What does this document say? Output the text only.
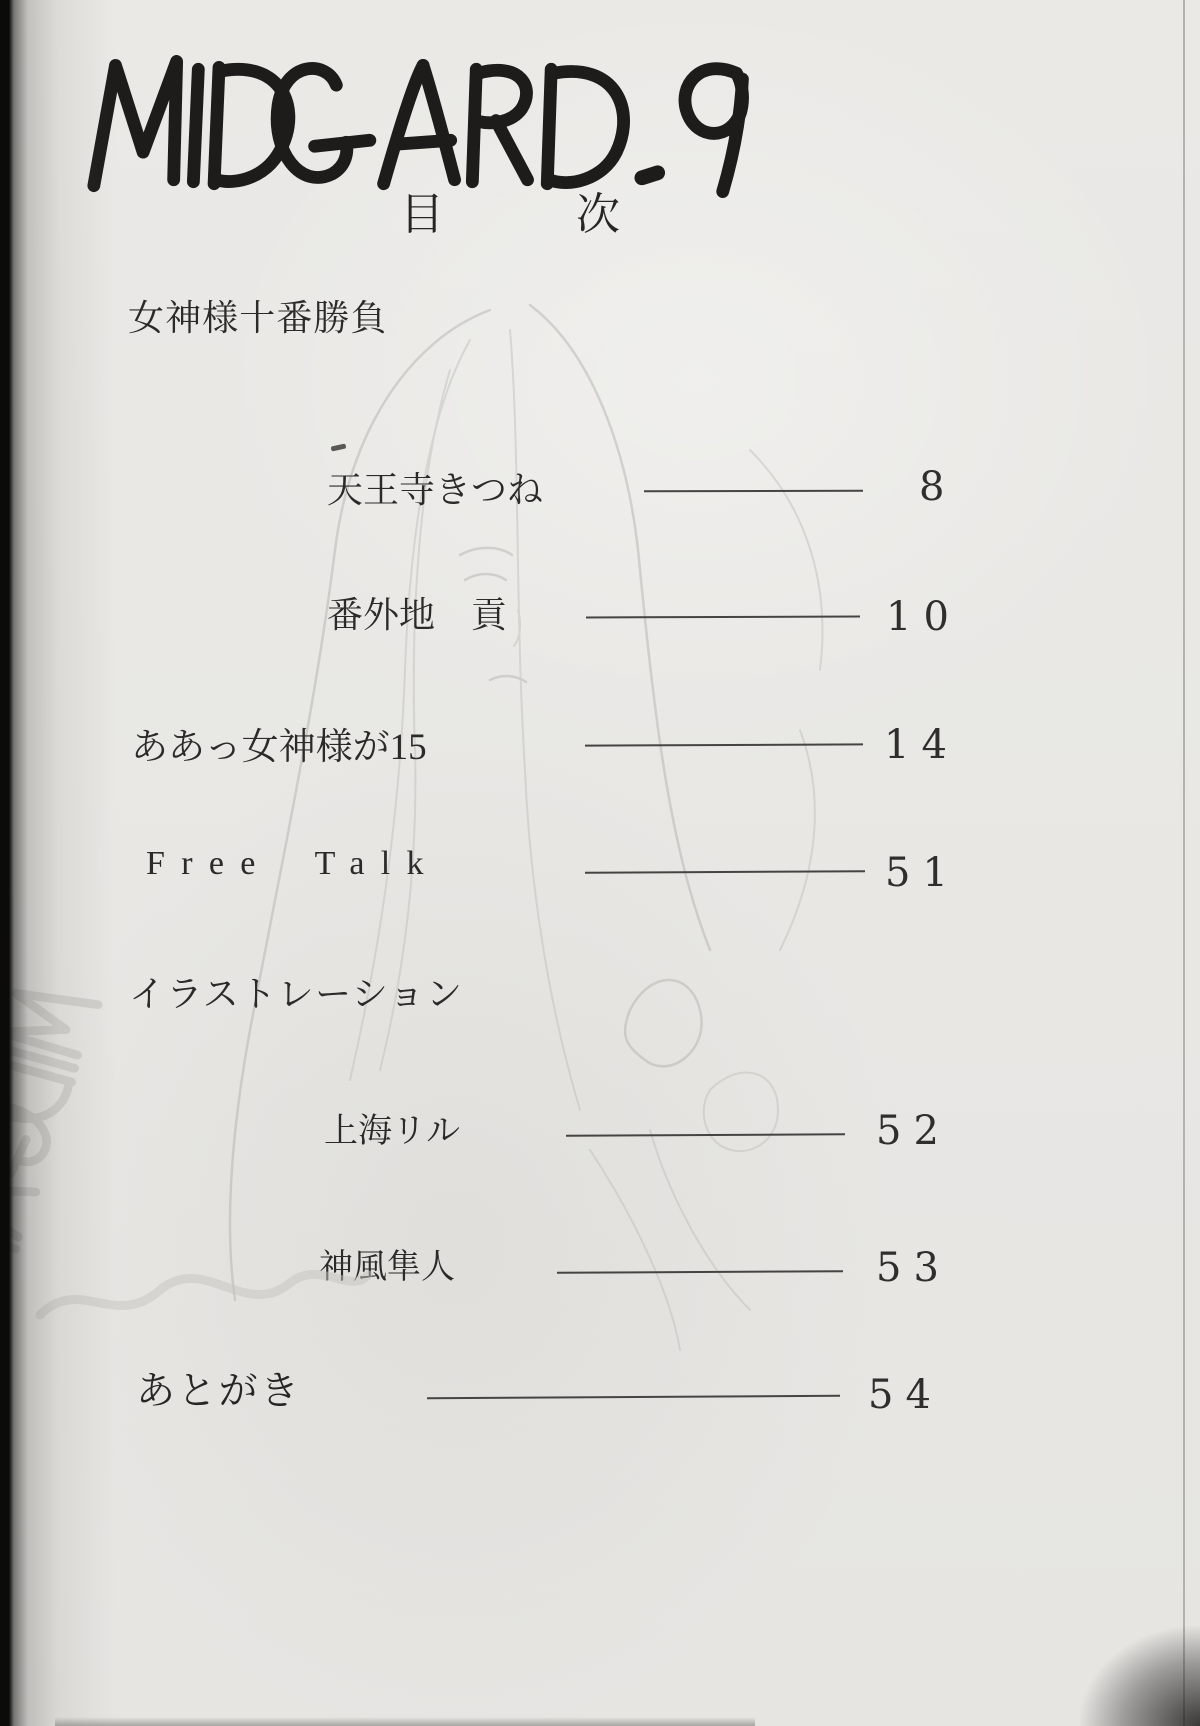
目次
女神様十番勝負
天王寺きつね	8
番外地　貢	10
ああっ女神様が15	14
Free Talk	51
イラストレーション
上海リル	52
神風隼人	53
あとがき	54
